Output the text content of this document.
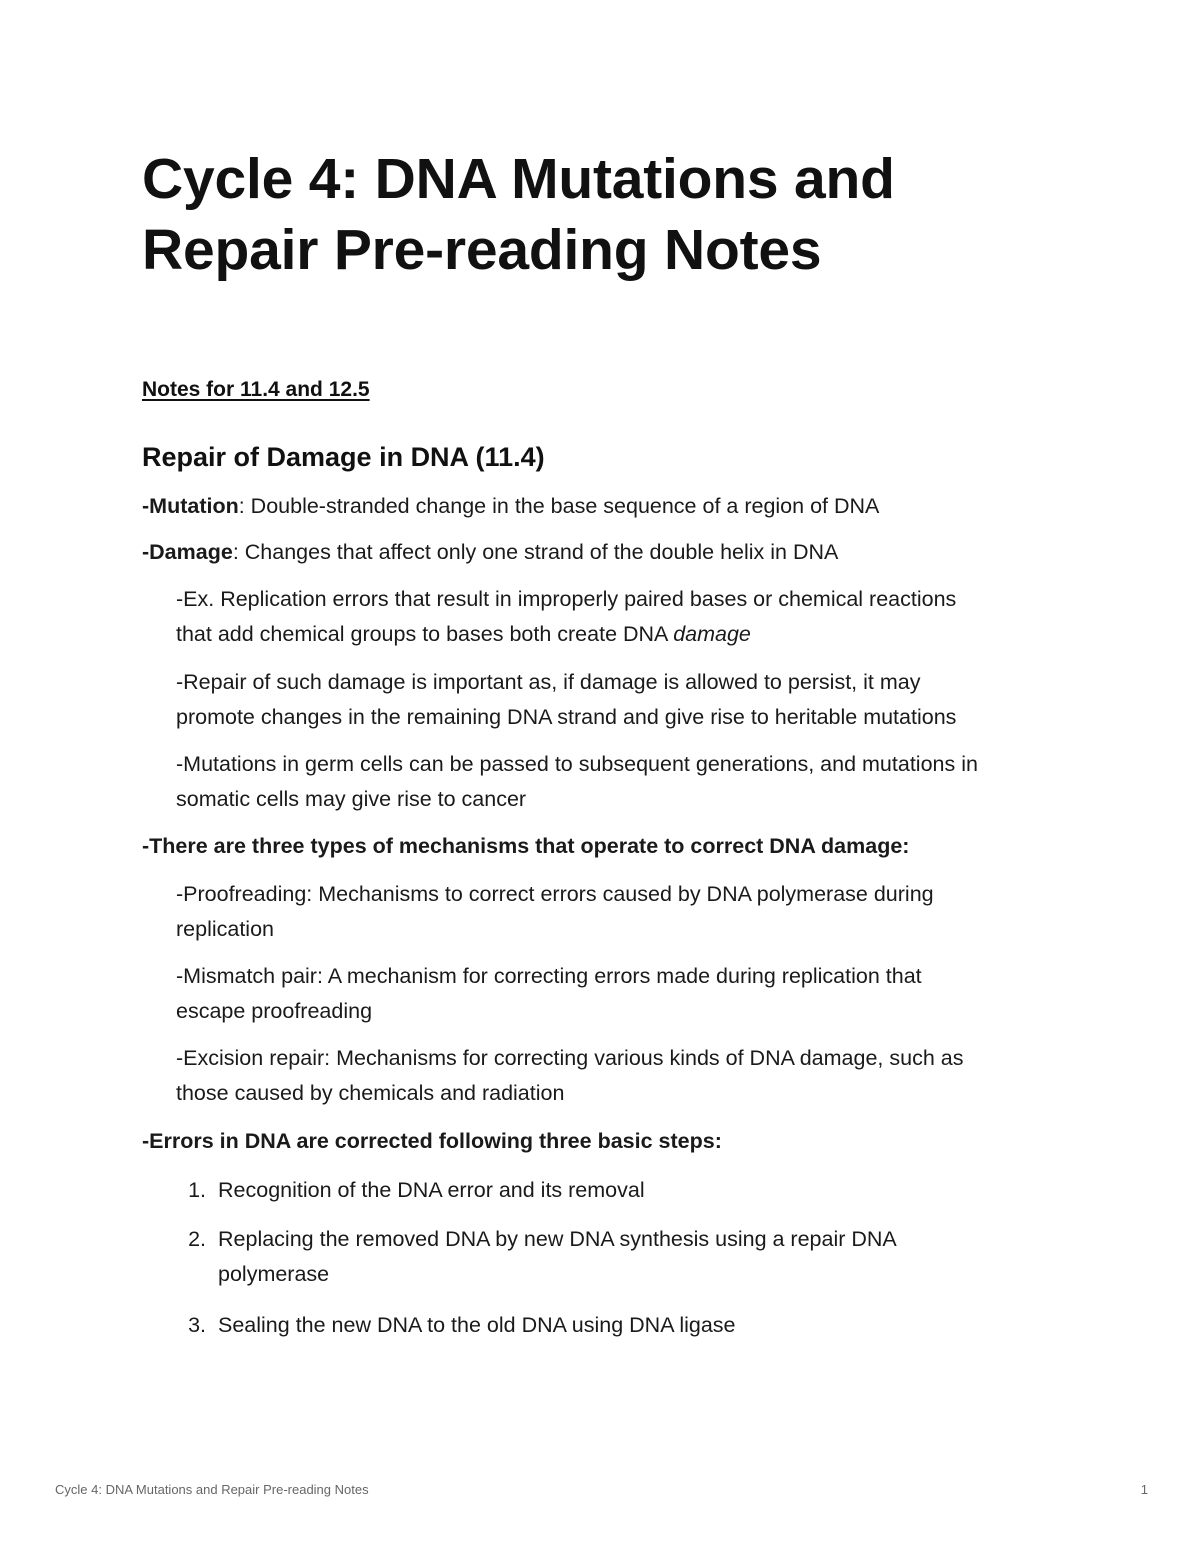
Cycle 4: DNA Mutations and Repair Pre-reading Notes
Notes for 11.4 and 12.5
Repair of Damage in DNA (11.4)

-Mutation: Double-stranded change in the base sequence of a region of DNA

-Damage: Changes that affect only one strand of the double helix in DNA

-Ex. Replication errors that result in improperly paired bases or chemical reactions
that add chemical groups to bases both create DNA damage

-Repair of such damage is important as, if damage is allowed to persist, it may
promote changes in the remaining DNA strand and give rise to heritable mutations

-Mutations in germ cells can be passed to subsequent generations, and mutations in
somatic cells may give rise to cancer

-There are three types of mechanisms that operate to correct DNA damage:

-Proofreading: Mechanisms to correct errors caused by DNA polymerase during
replication

-Mismatch pair: A mechanism for correcting errors made during replication that
escape proofreading

-Excision repair: Mechanisms for correcting various kinds of DNA damage, such as
those caused by chemicals and radiation

-Errors in DNA are corrected following three basic steps:

1. Recognition of the DNA error and its removal

2. Replacing the removed DNA by new DNA synthesis using a repair DNA
polymerase

3. Sealing the new DNA to the old DNA using DNA ligase

Cycle 4: DNA Mutations and Repair Pre-reading Notes	1
